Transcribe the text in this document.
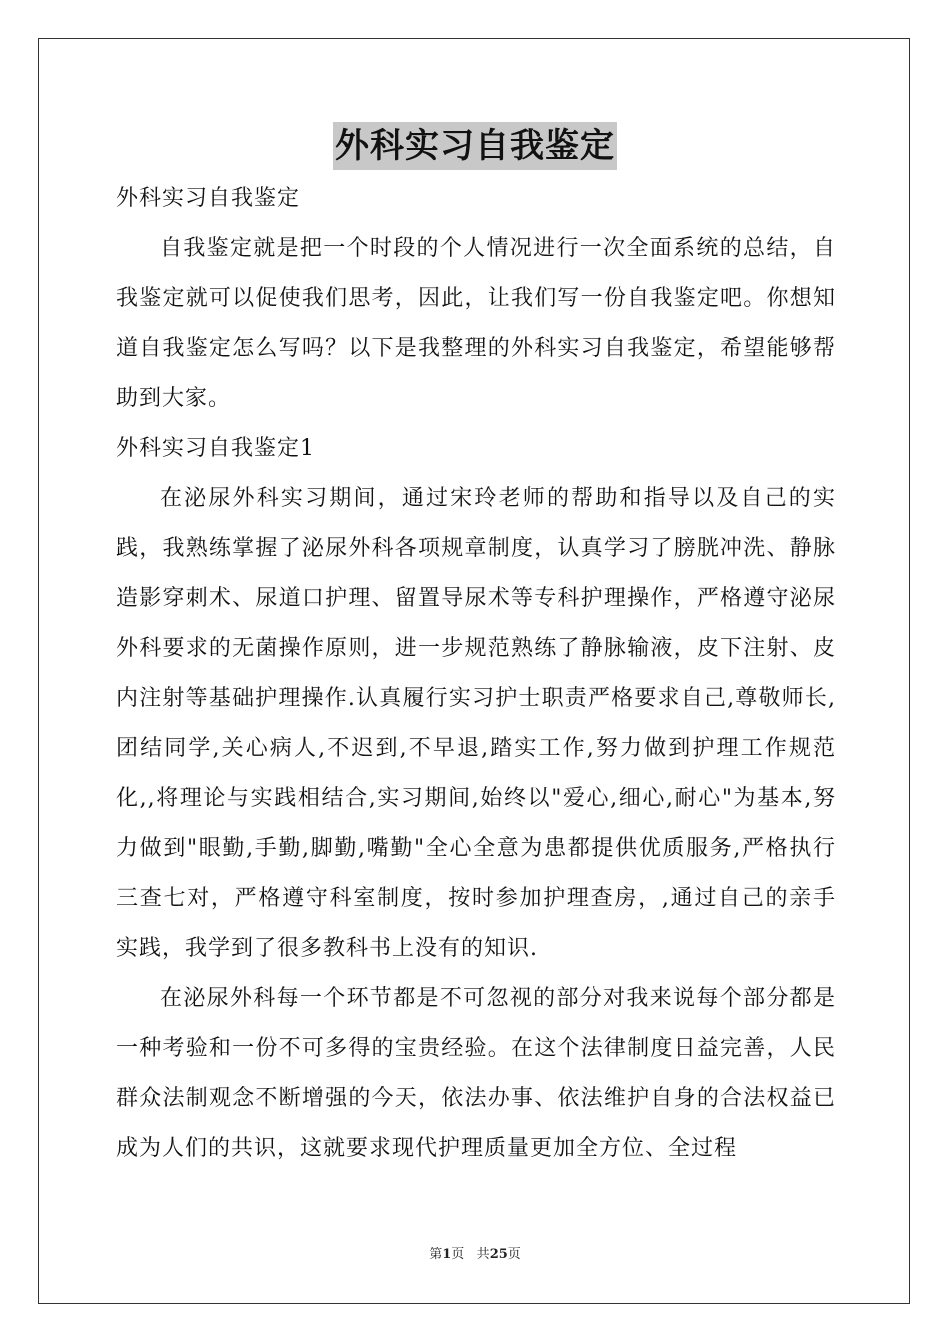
外科实习自我鉴定

外科实习自我鉴定

自我鉴定就是把一个时段的个人情况进行一次全面系统的总结，自我鉴定就可以促使我们思考，因此，让我们写一份自我鉴定吧。你想知道自我鉴定怎么写吗？以下是我整理的外科实习自我鉴定，希望能够帮助到大家。

外科实习自我鉴定1

在泌尿外科实习期间，通过宋玲老师的帮助和指导以及自己的实践，我熟练掌握了泌尿外科各项规章制度，认真学习了膀胱冲洗、静脉造影穿刺术、尿道口护理、留置导尿术等专科护理操作，严格遵守泌尿外科要求的无菌操作原则，进一步规范熟练了静脉输液，皮下注射、皮内注射等基础护理操作.认真履行实习护士职责严格要求自己,尊敬师长,团结同学,关心病人,不迟到,不早退,踏实工作,努力做到护理工作规范化,,将理论与实践相结合,实习期间,始终以"爱心,细心,耐心"为基本,努力做到"眼勤,手勤,脚勤,嘴勤"全心全意为患都提供优质服务,严格执行三查七对，严格遵守科室制度，按时参加护理查房，,通过自己的亲手实践，我学到了很多教科书上没有的知识.

在泌尿外科每一个环节都是不可忽视的部分对我来说每个部分都是一种考验和一份不可多得的宝贵经验。在这个法律制度日益完善，人民群众法制观念不断增强的今天，依法办事、依法维护自身的合法权益已成为人们的共识，这就要求现代护理质量更加全方位、全过程

第1页 共25页
